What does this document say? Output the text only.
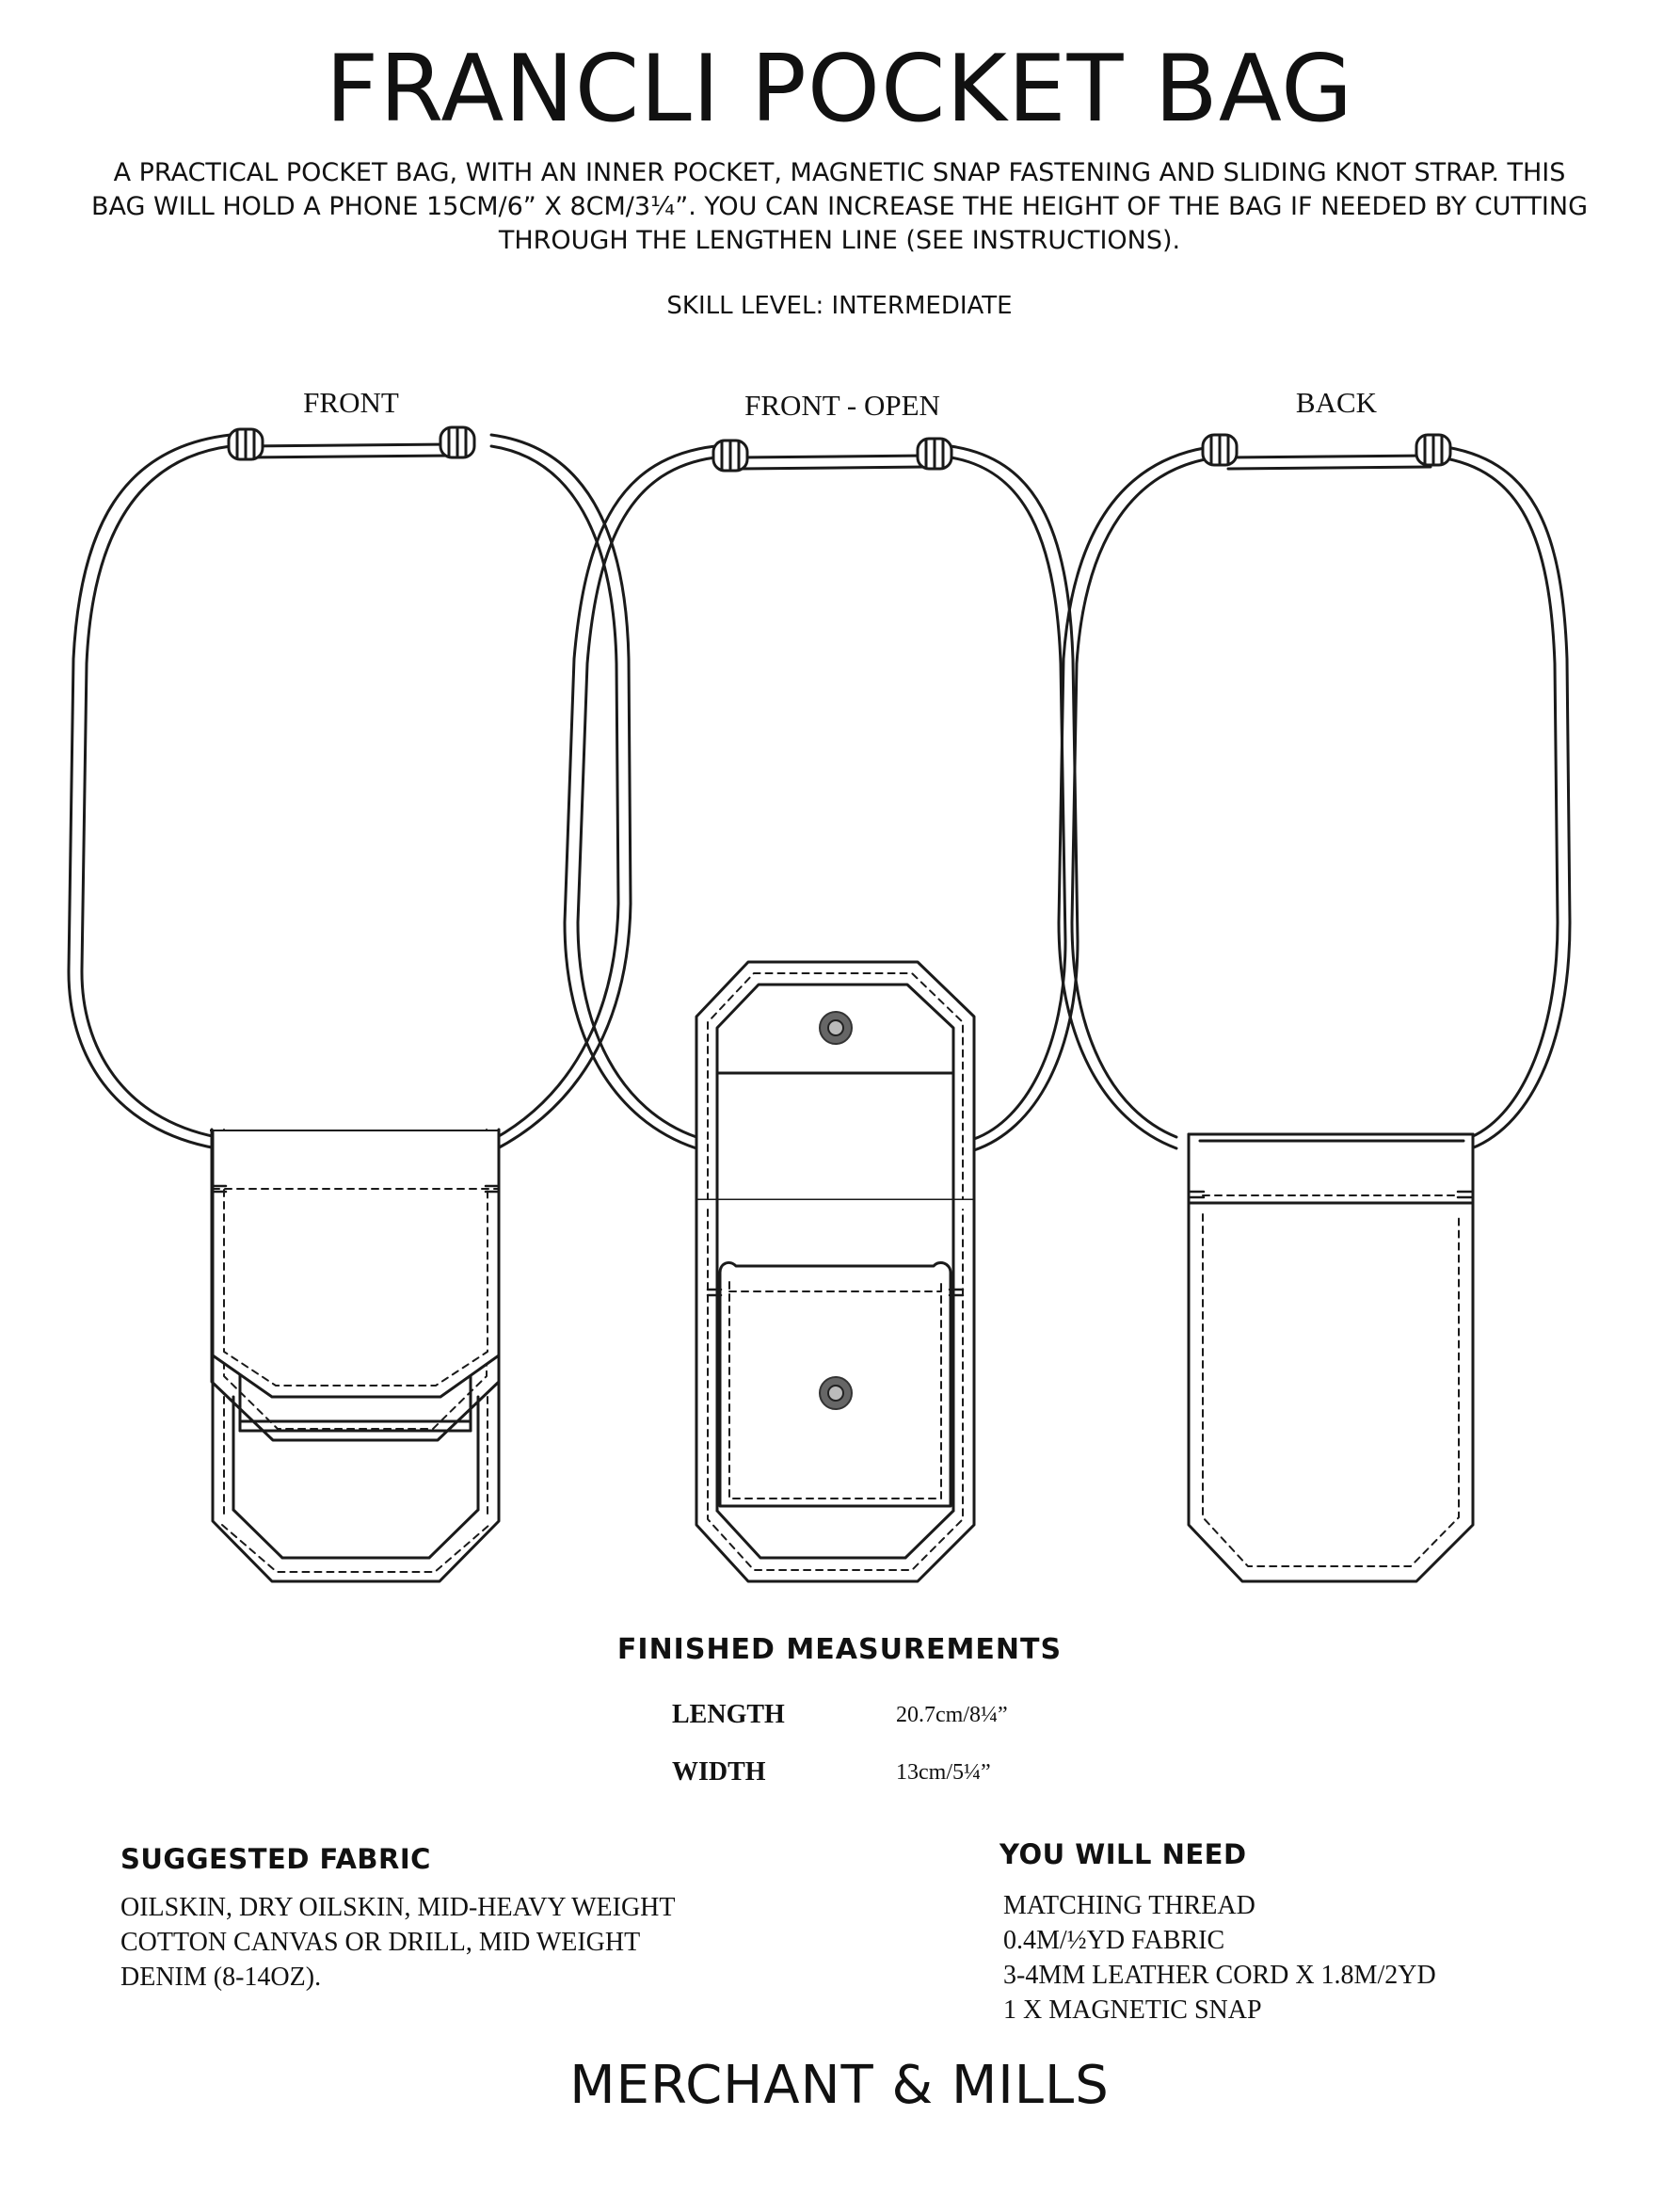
FRANCLI POCKET BAG
A PRACTICAL POCKET BAG, WITH AN INNER POCKET, MAGNETIC SNAP FASTENING AND SLIDING KNOT STRAP. THIS
BAG WILL HOLD A PHONE 15CM/6” X 8CM/3¼”. YOU CAN INCREASE THE HEIGHT OF THE BAG IF NEEDED BY CUTTING
THROUGH THE LENGTHEN LINE (SEE INSTRUCTIONS).
SKILL LEVEL: INTERMEDIATE
FRONT	FRONT - OPEN	BACK
FINISHED MEASUREMENTS
LENGTH	20.7cm/8¼”
WIDTH	13cm/5¼”
SUGGESTED FABRIC
OILSKIN, DRY OILSKIN, MID-HEAVY WEIGHT
COTTON CANVAS OR DRILL, MID WEIGHT
DENIM (8-14OZ).
YOU WILL NEED
MATCHING THREAD
0.4M/½YD FABRIC
3-4MM LEATHER CORD X 1.8M/2YD
1 X MAGNETIC SNAP
MERCHANT & MILLS
